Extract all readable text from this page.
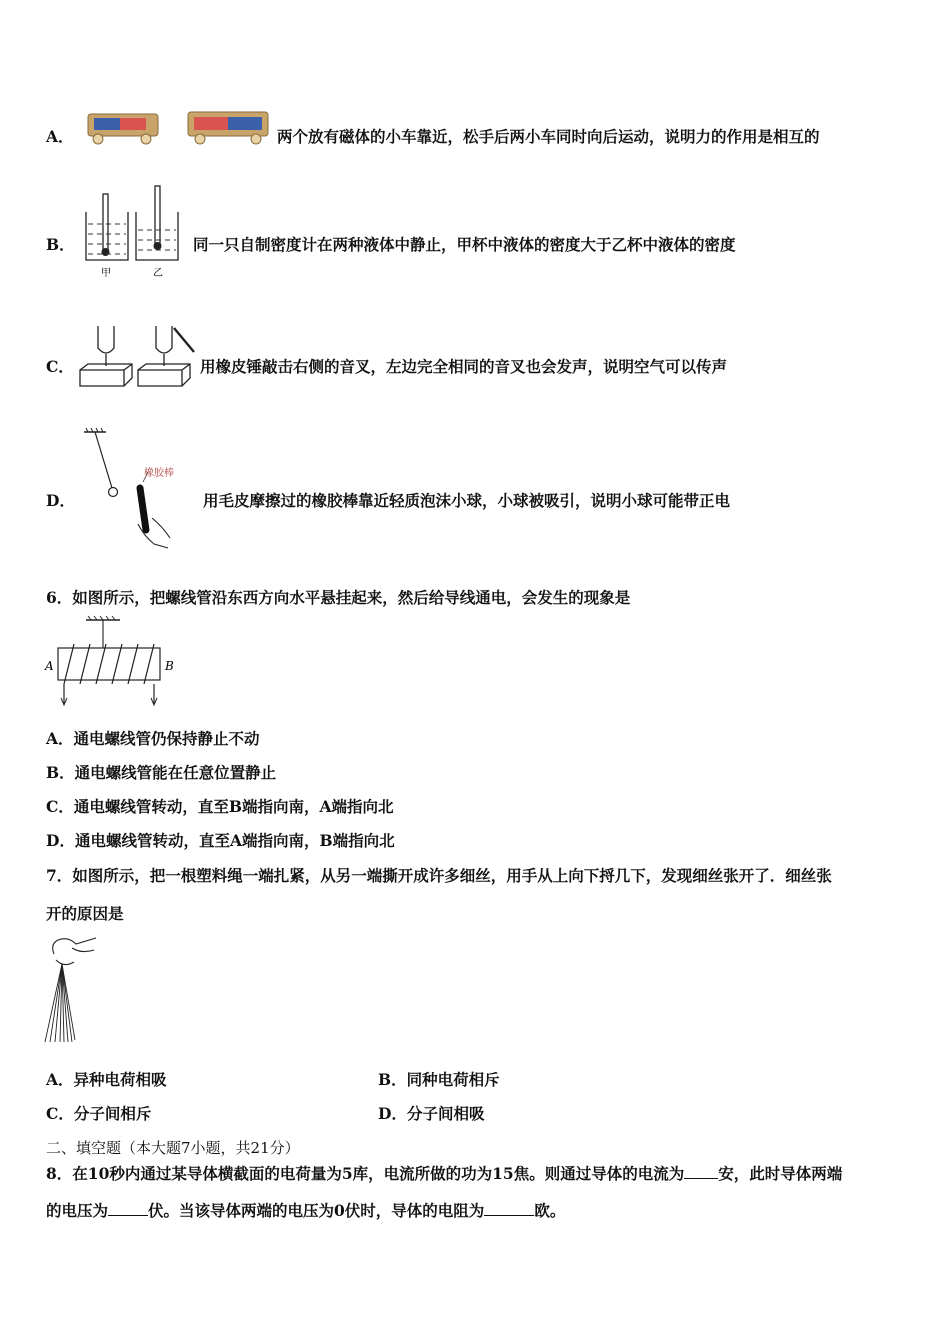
A．	两个放有磁体的小车靠近，松手后两小车同时向后运动，说明力的作用是相互的
B．
甲	乙
同一只自制密度计在两种液体中静止，甲杯中液体的密度大于乙杯中液体的密度
C．	用橡皮锤敲击右侧的音叉，左边完全相同的音叉也会发声，说明空气可以传声
D．
橡胶棒
用毛皮摩擦过的橡胶棒靠近轻质泡沫小球，小球被吸引，说明小球可能带正电
6．如图所示，把螺线管沿东西方向水平悬挂起来，然后给导线通电，会发生的现象是
A	B
A．通电螺线管仍保持静止不动
B．通电螺线管能在任意位置静止
C．通电螺线管转动，直至B端指向南，A端指向北
D．通电螺线管转动，直至A端指向南，B端指向北
7．如图所示，把一根塑料绳一端扎紧，从另一端撕开成许多细丝，用手从上向下捋几下，发现细丝张开了．细丝张
开的原因是
A．异种电荷相吸	B．同种电荷相斥
C．分子间相斥	D．分子间相吸
二、填空题（本大题7小题，共21分）
8．在10秒内通过某导体横截面的电荷量为5库，电流所做的功为15焦。则通过导体的电流为 安，此时导体两端
的电压为	伏。当该导体两端的电压为0伏时，导体的电阻为	欧。
